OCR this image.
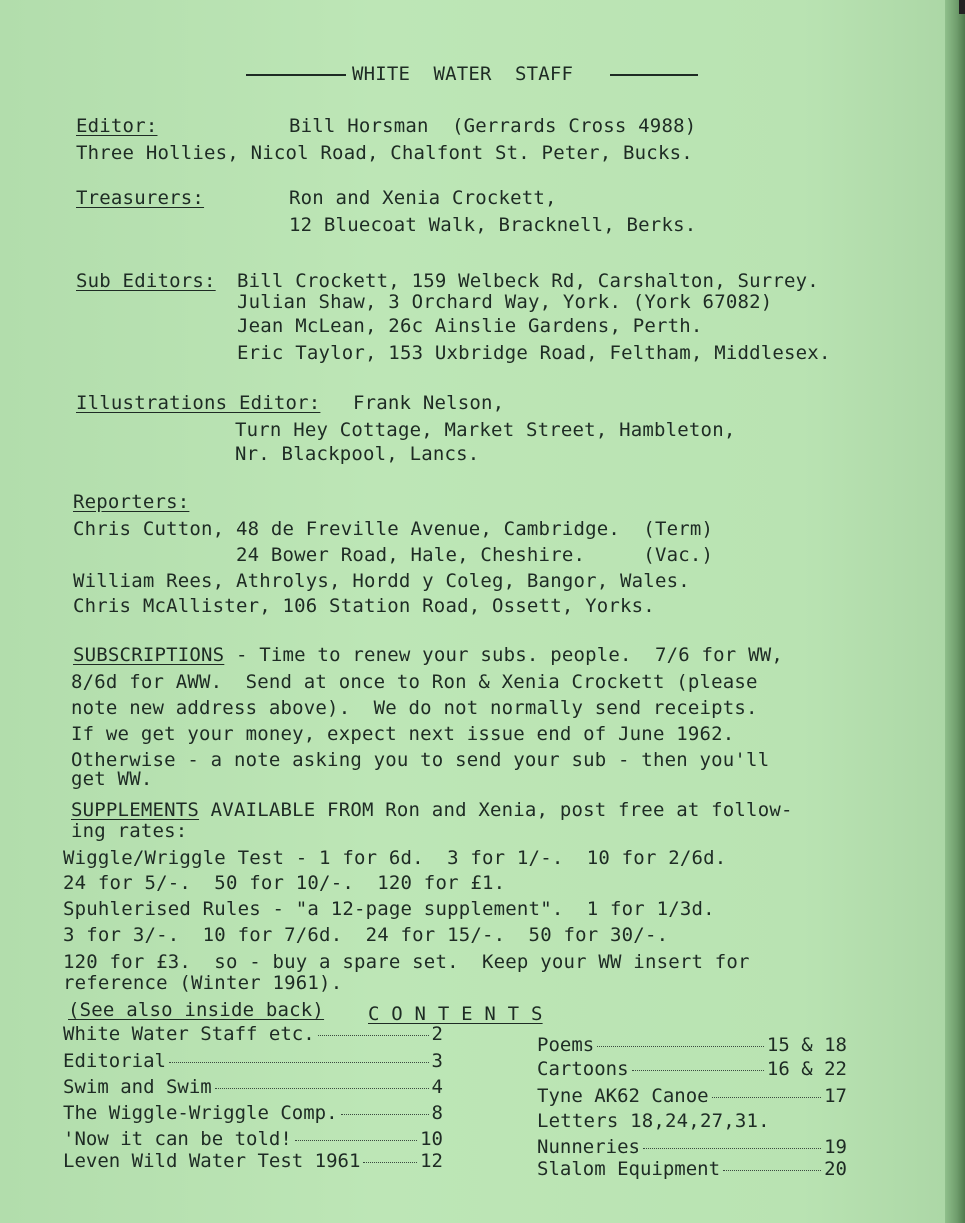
WHITE  WATER  STAFF
Editor:	Bill Horsman  (Gerrards Cross 4988)
Three Hollies, Nicol Road, Chalfont St. Peter, Bucks.
Treasurers:	Ron and Xenia Crockett,
12 Bluecoat Walk, Bracknell, Berks.
Sub Editors: Bill Crockett, 159 Welbeck Rd, Carshalton, Surrey.
Julian Shaw, 3 Orchard Way, York. (York 67082)
Jean McLean, 26c Ainslie Gardens, Perth.
Eric Taylor, 153 Uxbridge Road, Feltham, Middlesex.
Illustrations Editor: Frank Nelson,
Turn Hey Cottage, Market Street, Hambleton,
Nr. Blackpool, Lancs.
Reporters:
Chris Cutton, 48 de Freville Avenue, Cambridge.  (Term)
24 Bower Road, Hale, Cheshire.     (Vac.)
William Rees, Athrolys, Hordd y Coleg, Bangor, Wales.
Chris McAllister, 106 Station Road, Ossett, Yorks.
SUBSCRIPTIONS - Time to renew your subs. people.  7/6 for WW,
8/6d for AWW.  Send at once to Ron & Xenia Crockett (please
note new address above).  We do not normally send receipts.
If we get your money, expect next issue end of June 1962.
Otherwise - a note asking you to send your sub - then you'll
get WW.
SUPPLEMENTS AVAILABLE FROM Ron and Xenia, post free at follow-
ing rates:
Wiggle/Wriggle Test - 1 for 6d.  3 for 1/-.  10 for 2/6d.
24 for 5/-.  50 for 10/-.  120 for £1.
Spuhlerised Rules - "a 12-page supplement".  1 for 1/3d.
3 for 3/-.  10 for 7/6d.  24 for 15/-.  50 for 30/-.
120 for £3.  so - buy a spare set.  Keep your WW insert for
reference (Winter 1961).
(See also inside back) C O N T E N T S
White Water Staff etc.	2
Editorial	3
Swim and Swim	4
The Wiggle-Wriggle Comp.	8
'Now it can be told!	10
Leven Wild Water Test 1961	12
Poems	15 & 18
Cartoons	16 & 22
Tyne AK62 Canoe	17
Letters 18,24,27,31.
Nunneries	19
Slalom Equipment	20
